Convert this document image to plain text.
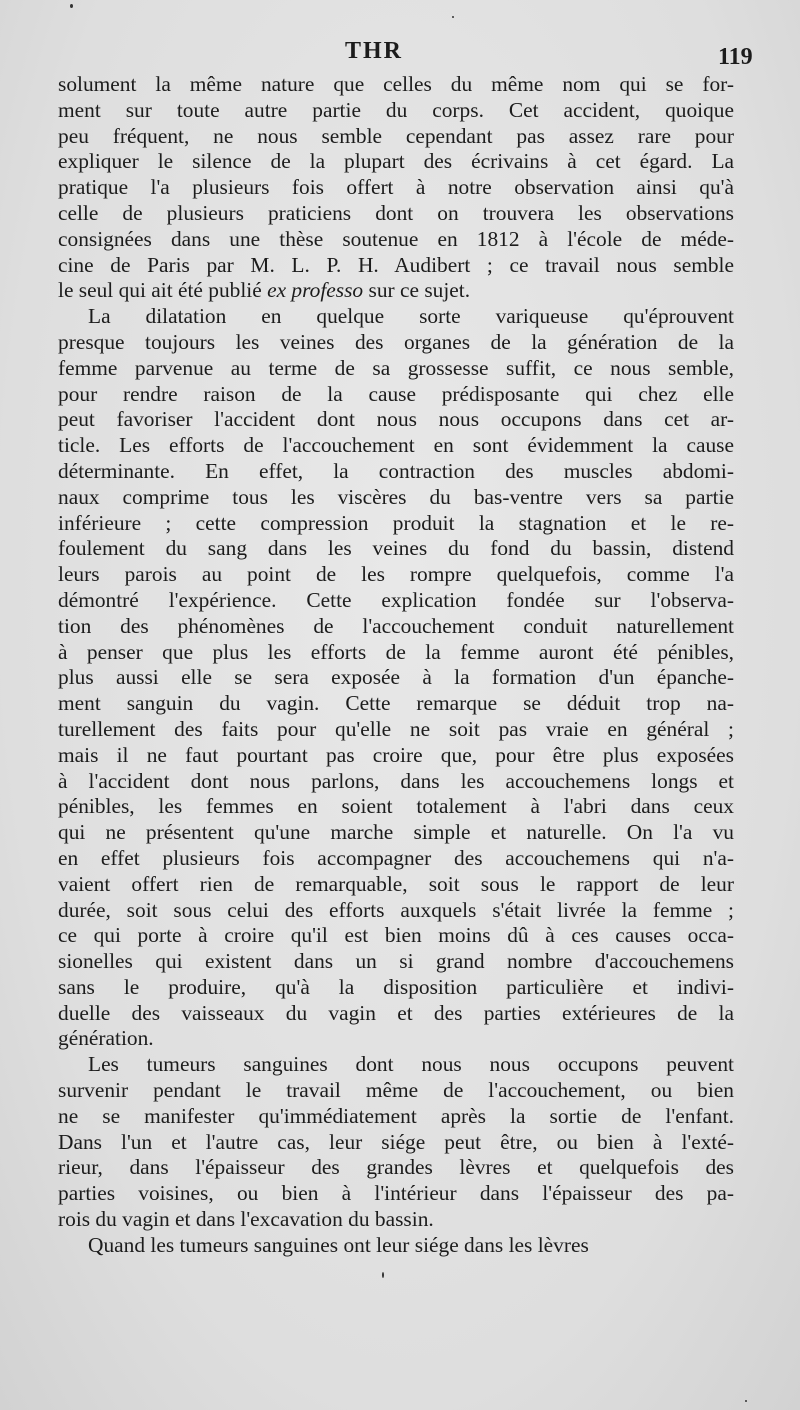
THR	119
solument la même nature que celles du même nom qui se for-
ment sur toute autre partie du corps. Cet accident, quoique
peu fréquent, ne nous semble cependant pas assez rare pour
expliquer le silence de la plupart des écrivains à cet égard. La
pratique l'a plusieurs fois offert à notre observation ainsi qu'à
celle de plusieurs praticiens dont on trouvera les observations
consignées dans une thèse soutenue en 1812 à l'école de méde-
cine de Paris par M. L. P. H. Audibert ; ce travail nous semble
le seul qui ait été publié ex professo sur ce sujet.
La dilatation en quelque sorte variqueuse qu'éprouvent
presque toujours les veines des organes de la génération de la
femme parvenue au terme de sa grossesse suffit, ce nous semble,
pour rendre raison de la cause prédisposante qui chez elle
peut favoriser l'accident dont nous nous occupons dans cet ar-
ticle. Les efforts de l'accouchement en sont évidemment la cause
déterminante. En effet, la contraction des muscles abdomi-
naux comprime tous les viscères du bas-ventre vers sa partie
inférieure ; cette compression produit la stagnation et le re-
foulement du sang dans les veines du fond du bassin, distend
leurs parois au point de les rompre quelquefois, comme l'a
démontré l'expérience. Cette explication fondée sur l'observa-
tion des phénomènes de l'accouchement conduit naturellement
à penser que plus les efforts de la femme auront été pénibles,
plus aussi elle se sera exposée à la formation d'un épanche-
ment sanguin du vagin. Cette remarque se déduit trop na-
turellement des faits pour qu'elle ne soit pas vraie en général ;
mais il ne faut pourtant pas croire que, pour être plus exposées
à l'accident dont nous parlons, dans les accouchemens longs et
pénibles, les femmes en soient totalement à l'abri dans ceux
qui ne présentent qu'une marche simple et naturelle. On l'a vu
en effet plusieurs fois accompagner des accouchemens qui n'a-
vaient offert rien de remarquable, soit sous le rapport de leur
durée, soit sous celui des efforts auxquels s'était livrée la femme ;
ce qui porte à croire qu'il est bien moins dû à ces causes occa-
sionelles qui existent dans un si grand nombre d'accouchemens
sans le produire, qu'à la disposition particulière et indivi-
duelle des vaisseaux du vagin et des parties extérieures de la
génération.
Les tumeurs sanguines dont nous nous occupons peuvent
survenir pendant le travail même de l'accouchement, ou bien
ne se manifester qu'immédiatement après la sortie de l'enfant.
Dans l'un et l'autre cas, leur siége peut être, ou bien à l'exté-
rieur, dans l'épaisseur des grandes lèvres et quelquefois des
parties voisines, ou bien à l'intérieur dans l'épaisseur des pa-
rois du vagin et dans l'excavation du bassin.
Quand les tumeurs sanguines ont leur siége dans les lèvres
